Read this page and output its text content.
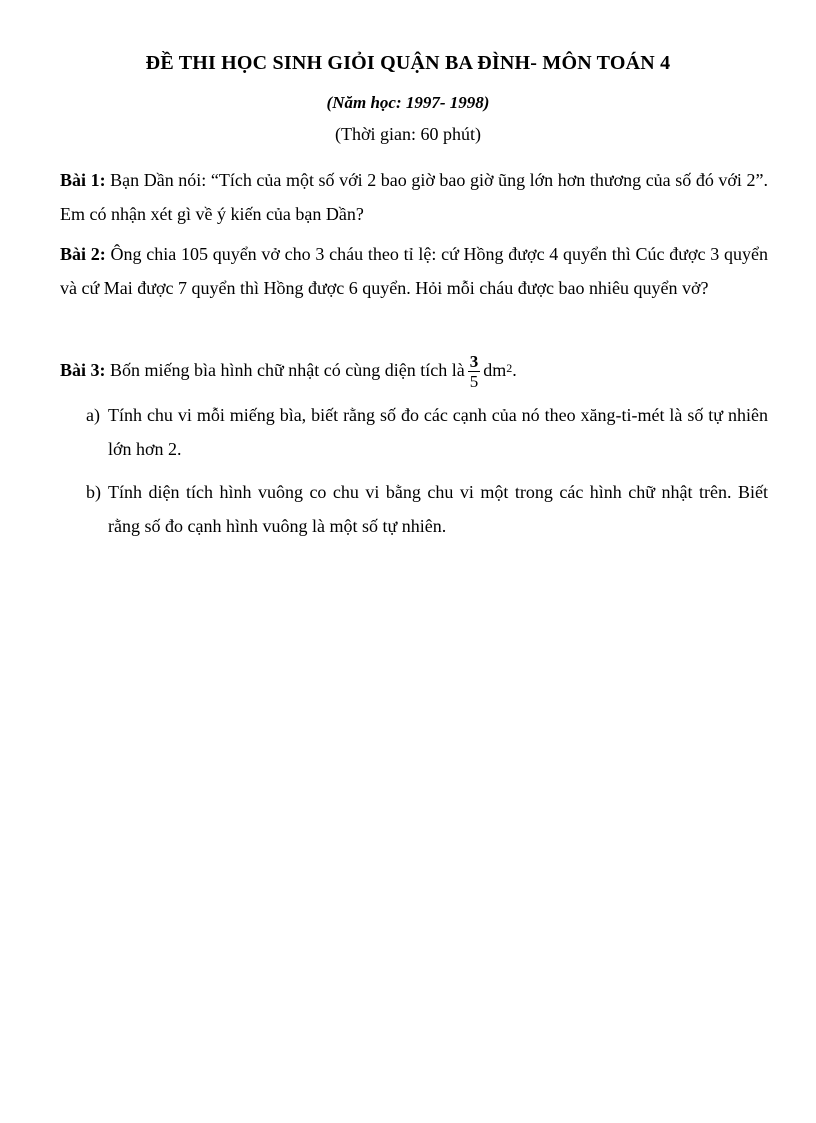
ĐỀ THI HỌC SINH GIỎI QUẬN BA ĐÌNH- MÔN TOÁN 4
(Năm học: 1997- 1998)
(Thời gian: 60 phút)
Bài 1: Bạn Dần nói: “Tích của một số với 2 bao giờ bao giờ ũng lớn hơn thương của số đó với 2”. Em có nhận xét gì về ý kiến của bạn Dần?
Bài 2: Ông chia 105 quyển vở cho 3 cháu theo tỉ lệ: cứ Hồng được 4 quyển thì Cúc được 3 quyển và cứ Mai được 7 quyển thì Hồng được 6 quyển. Hỏi mỗi cháu được bao nhiêu quyển vở?
Bài 3: Bốn miếng bìa hình chữ nhật có cùng diện tích là $\frac{3}{5} dm^2$.
a) Tính chu vi mỗi miếng bìa, biết rằng số đo các cạnh của nó theo xăng-ti-mét là số tự nhiên lớn hơn 2.
b) Tính diện tích hình vuông co chu vi bằng chu vi một trong các hình chữ nhật trên. Biết rằng số đo cạnh hình vuông là một số tự nhiên.
